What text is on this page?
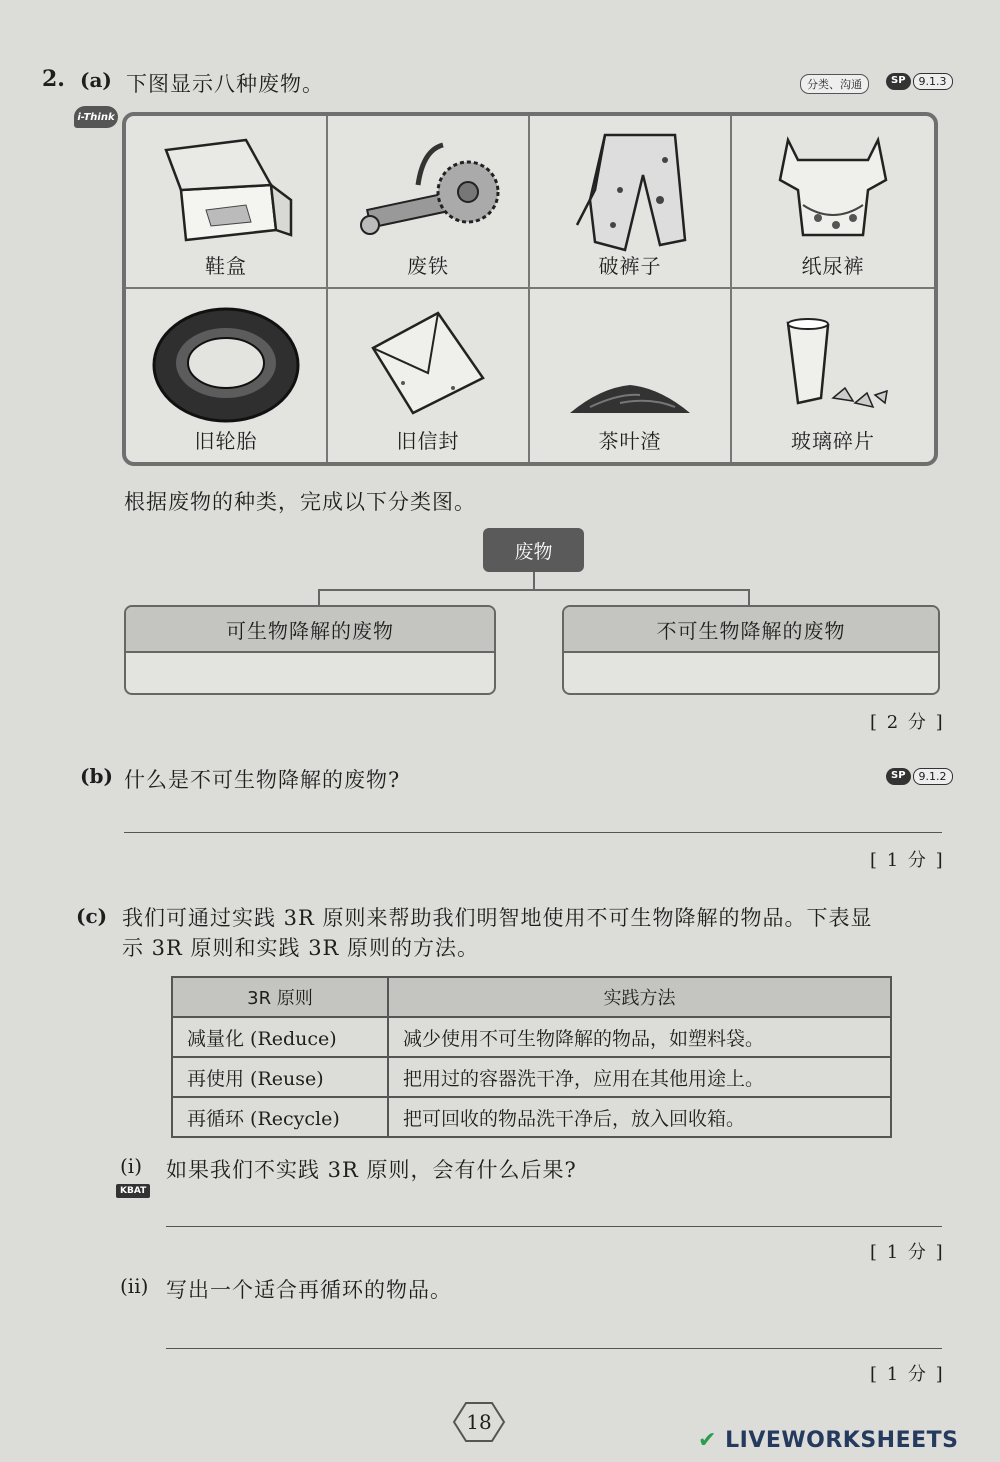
2. (a) 下图显示八种废物。	分类、沟通	SP	9.1.3
i-Think
鞋盒	废铁	破裤子	纸尿裤
旧轮胎	旧信封	茶叶渣	玻璃碎片
根据废物的种类，完成以下分类图。
废物
可生物降解的废物	不可生物降解的废物
[ 2 分 ]
(b) 什么是不可生物降解的废物?	SP	9.1.2
[ 1 分 ]
(c) 我们可通过实践 3R 原则来帮助我们明智地使用不可生物降解的物品。下表显
示 3R 原则和实践 3R 原则的方法。
3R 原则	实践方法
减量化 (Reduce)	减少使用不可生物降解的物品，如塑料袋。
再使用 (Reuse)	把用过的容器洗干净，应用在其他用途上。
再循环 (Recycle)	把可回收的物品洗干净后，放入回收箱。
(i) 如果我们不实践 3R 原则，会有什么后果?
KBAT
[ 1 分 ]
(ii) 写出一个适合再循环的物品。
[ 1 分 ]
18
✔ LIVEWORKSHEETS
